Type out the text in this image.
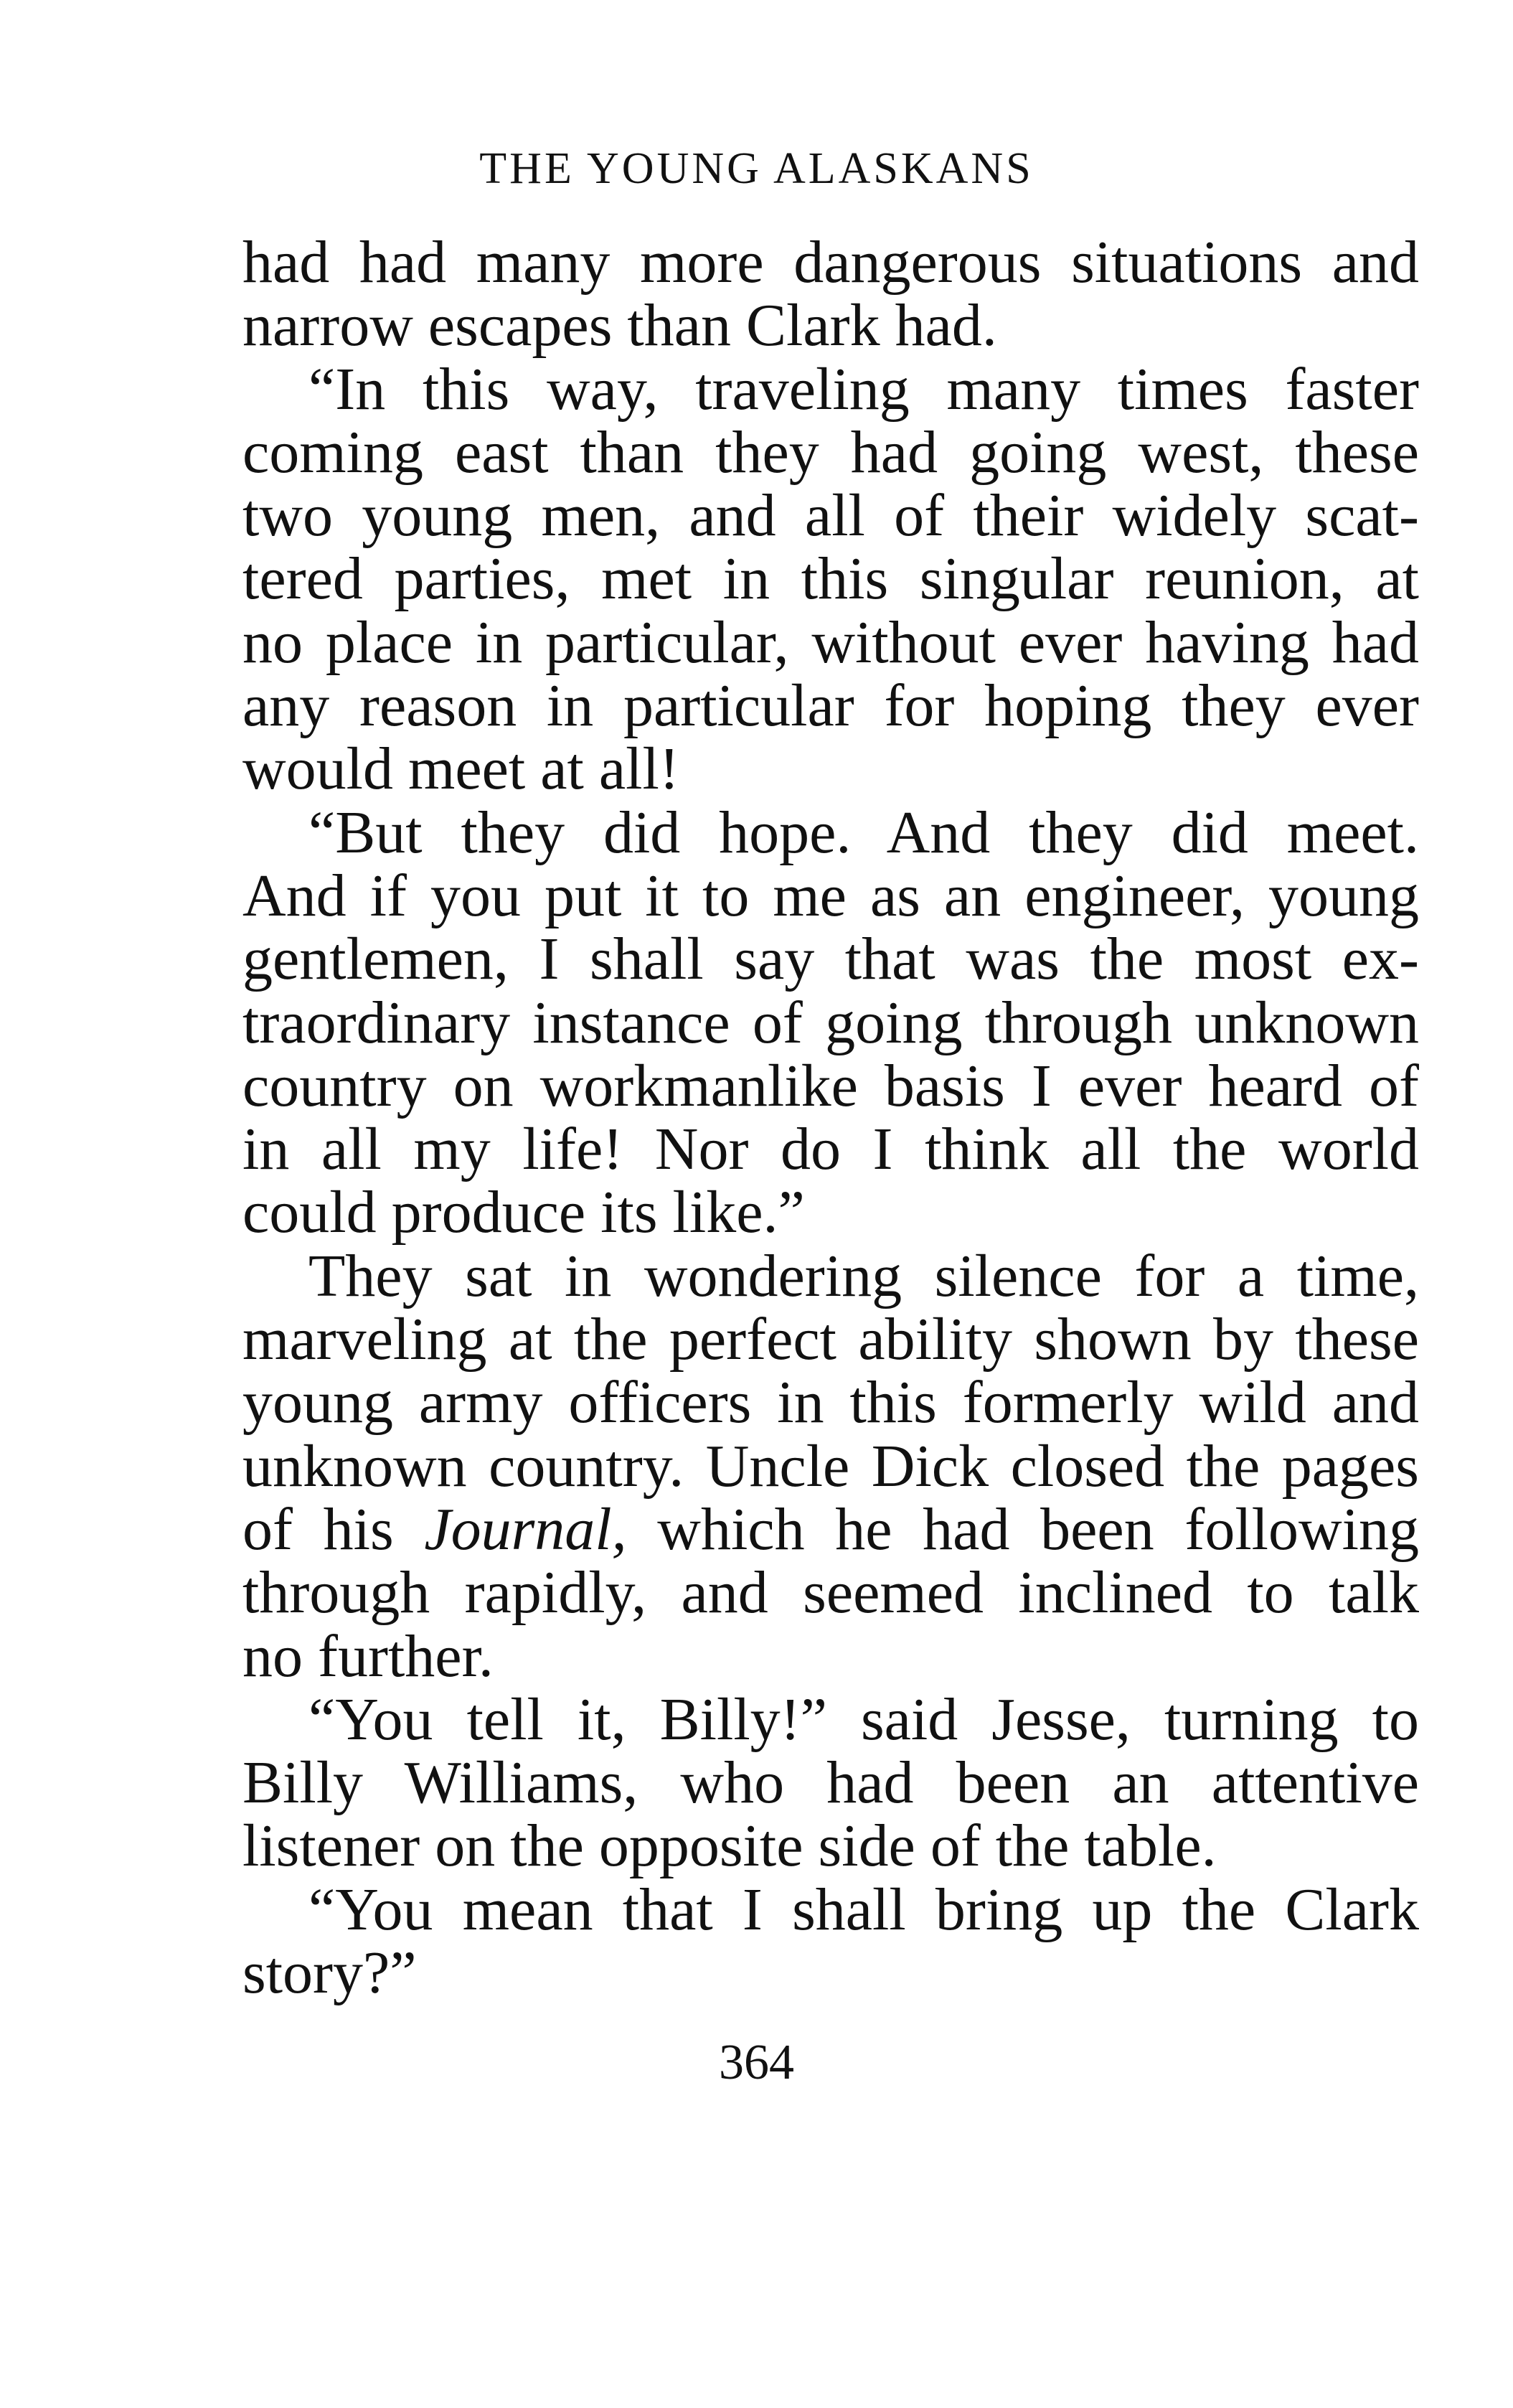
THE YOUNG ALASKANS
had had many more dangerous situations and
narrow escapes than Clark had.
“In this way, traveling many times faster
coming east than they had going west, these
two young men, and all of their widely scat-
tered parties, met in this singular reunion, at
no place in particular, without ever having had
any reason in particular for hoping they ever
would meet at all!
“But they did hope. And they did meet.
And if you put it to me as an engineer, young
gentlemen, I shall say that was the most ex-
traordinary instance of going through unknown
country on workmanlike basis I ever heard of
in all my life! Nor do I think all the world
could produce its like.”
They sat in wondering silence for a time,
marveling at the perfect ability shown by these
young army officers in this formerly wild and
unknown country. Uncle Dick closed the pages
of his Journal, which he had been following
through rapidly, and seemed inclined to talk
no further.
“You tell it, Billy!” said Jesse, turning to
Billy Williams, who had been an attentive
listener on the opposite side of the table.
“You mean that I shall bring up the Clark
story?”
364
